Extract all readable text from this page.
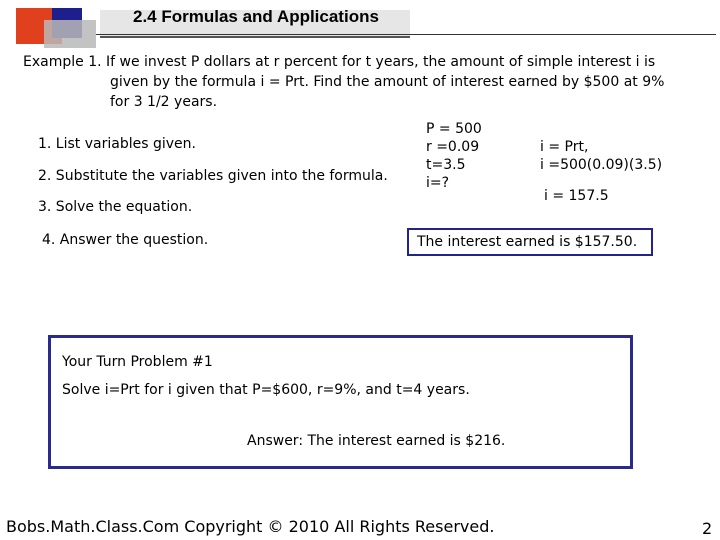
2.4 Formulas and Applications
Example 1. If we invest P dollars at r percent for t years, the amount of simple interest i is
given by the formula i = Prt. Find the amount of interest earned by $500 at 9%
for 3 1/2 years.
1. List variables given.
2. Substitute the variables given into the formula.
3. Solve the equation.
4. Answer the question.
P = 500
r =0.09
t=3.5
i=?
i = Prt,
i =500(0.09)(3.5)
i = 157.5
The interest earned is $157.50.
Your Turn Problem #1
Solve i=Prt for i given that P=$600, r=9%, and t=4 years.
Answer: The interest earned is $216.
Bobs.Math.Class.Com Copyright © 2010 All Rights Reserved.	2
